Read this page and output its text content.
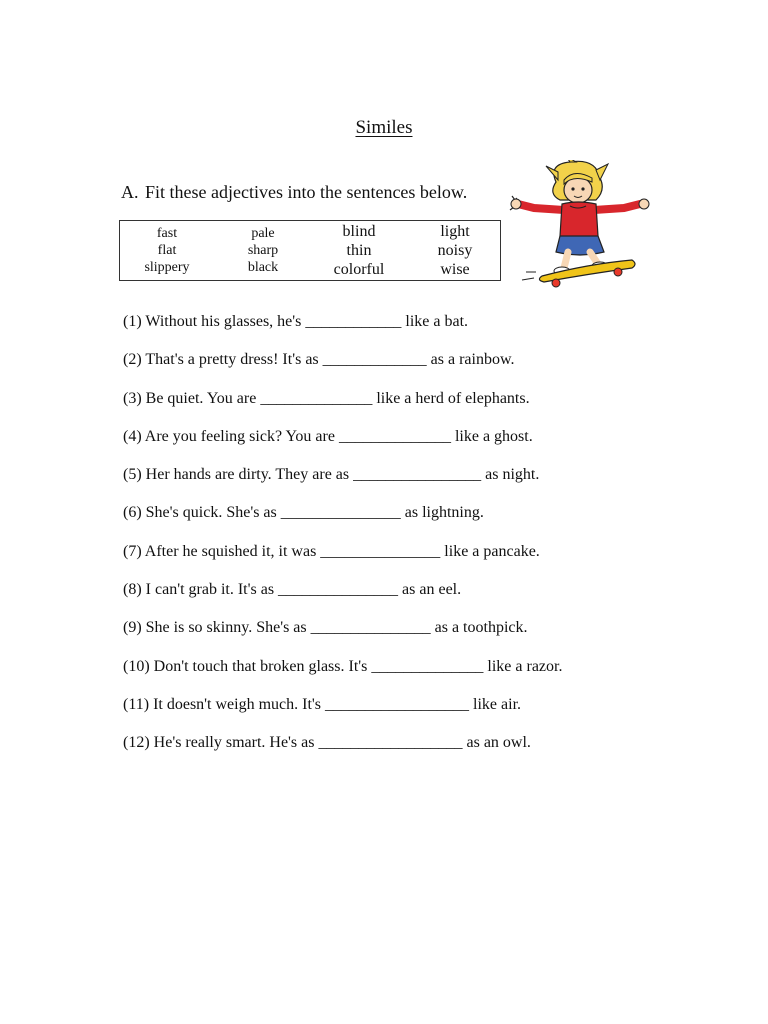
Similes
A. Fit these adjectives into the sentences below.
fast
flat
slippery
pale
sharp
black
blind
thin
colorful
light
noisy
wise
(1) Without his glasses, he's ____________ like a bat.
(2) That's a pretty dress! It's as _____________ as a rainbow.
(3) Be quiet. You are ______________ like a herd of elephants.
(4) Are you feeling sick? You are ______________ like a ghost.
(5) Her hands are dirty. They are as ________________ as night.
(6) She's quick. She's as _______________ as lightning.
(7) After he squished it, it was _______________ like a pancake.
(8) I can't grab it. It's as _______________ as an eel.
(9) She is so skinny. She's as _______________ as a toothpick.
(10) Don't touch that broken glass. It's ______________ like a razor.
(11) It doesn't weigh much. It's __________________ like air.
(12) He's really smart. He's as __________________ as an owl.
